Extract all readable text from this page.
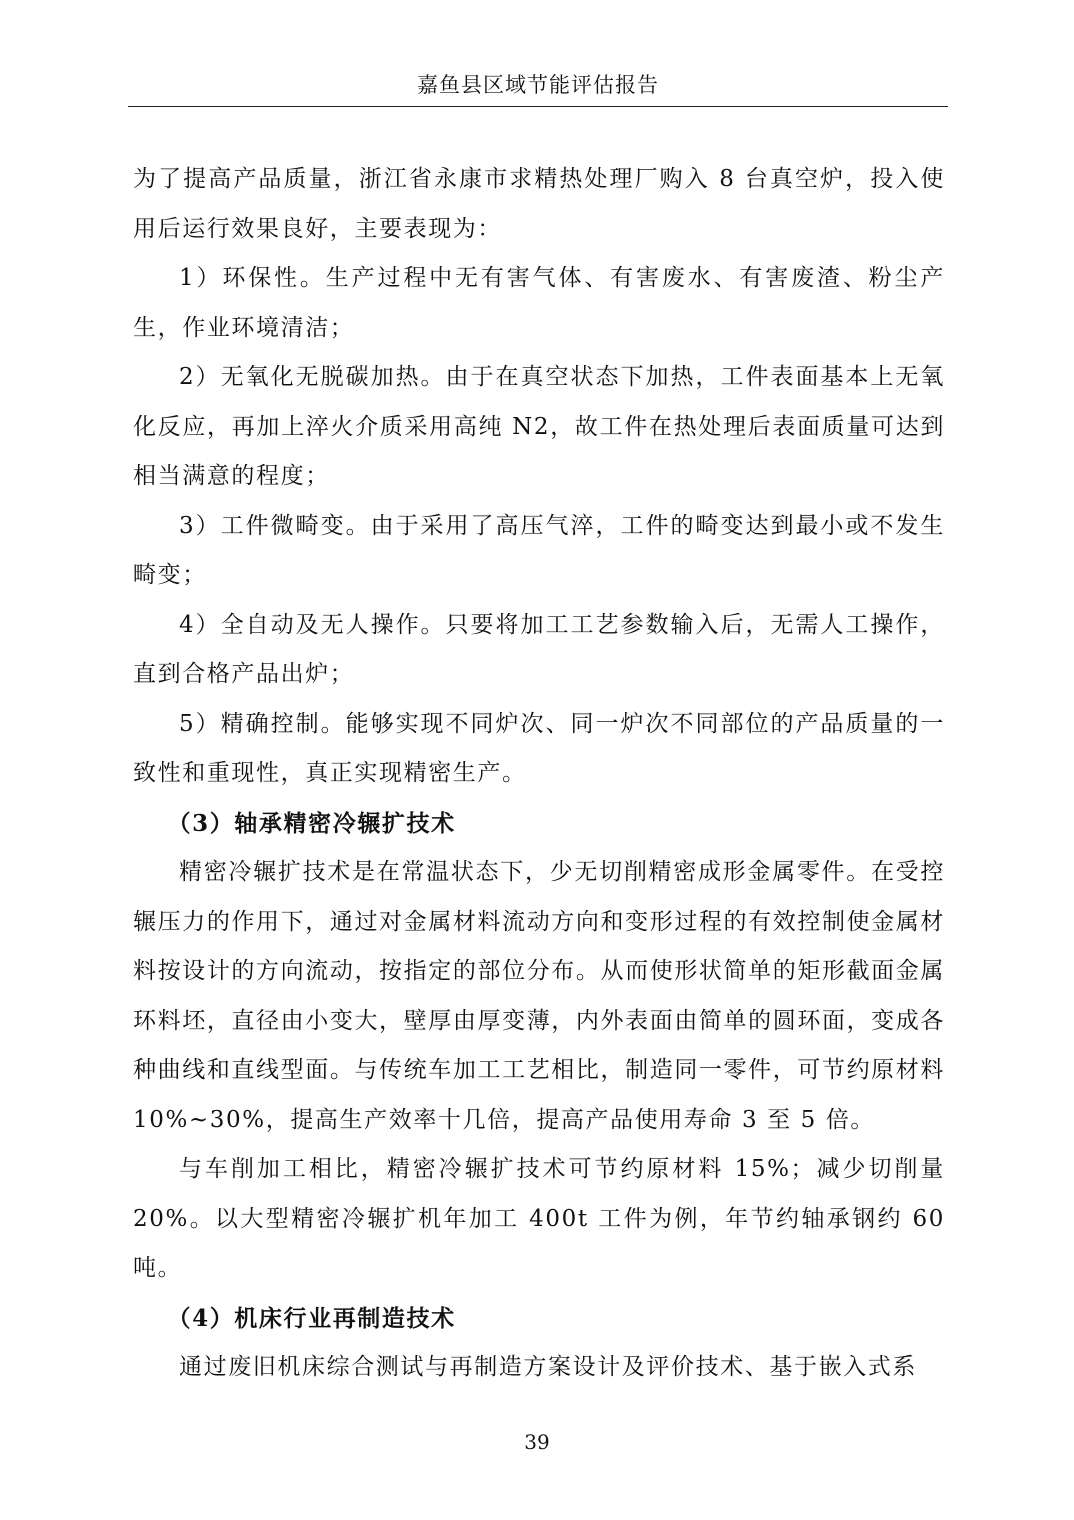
嘉鱼县区域节能评估报告

为了提高产品质量，浙江省永康市求精热处理厂购入 8 台真空炉，投入使用后运行效果良好，主要表现为：

1）环保性。生产过程中无有害气体、有害废水、有害废渣、粉尘产生，作业环境清洁；

2）无氧化无脱碳加热。由于在真空状态下加热，工件表面基本上无氧化反应，再加上淬火介质采用高纯 N2，故工件在热处理后表面质量可达到相当满意的程度；

3）工件微畸变。由于采用了高压气淬，工件的畸变达到最小或不发生畸变；

4）全自动及无人操作。只要将加工工艺参数输入后，无需人工操作，直到合格产品出炉；

5）精确控制。能够实现不同炉次、同一炉次不同部位的产品质量的一致性和重现性，真正实现精密生产。

（3）轴承精密冷辗扩技术

精密冷辗扩技术是在常温状态下，少无切削精密成形金属零件。在受控辗压力的作用下，通过对金属材料流动方向和变形过程的有效控制使金属材料按设计的方向流动，按指定的部位分布。从而使形状简单的矩形截面金属环料坯，直径由小变大，壁厚由厚变薄，内外表面由简单的圆环面，变成各种曲线和直线型面。与传统车加工工艺相比，制造同一零件，可节约原材料 10%~30%，提高生产效率十几倍，提高产品使用寿命 3 至 5 倍。

与车削加工相比，精密冷辗扩技术可节约原材料 15%；减少切削量 20%。以大型精密冷辗扩机年加工 400t 工件为例，年节约轴承钢约 60 吨。

（4）机床行业再制造技术

通过废旧机床综合测试与再制造方案设计及评价技术、基于嵌入式系

39
